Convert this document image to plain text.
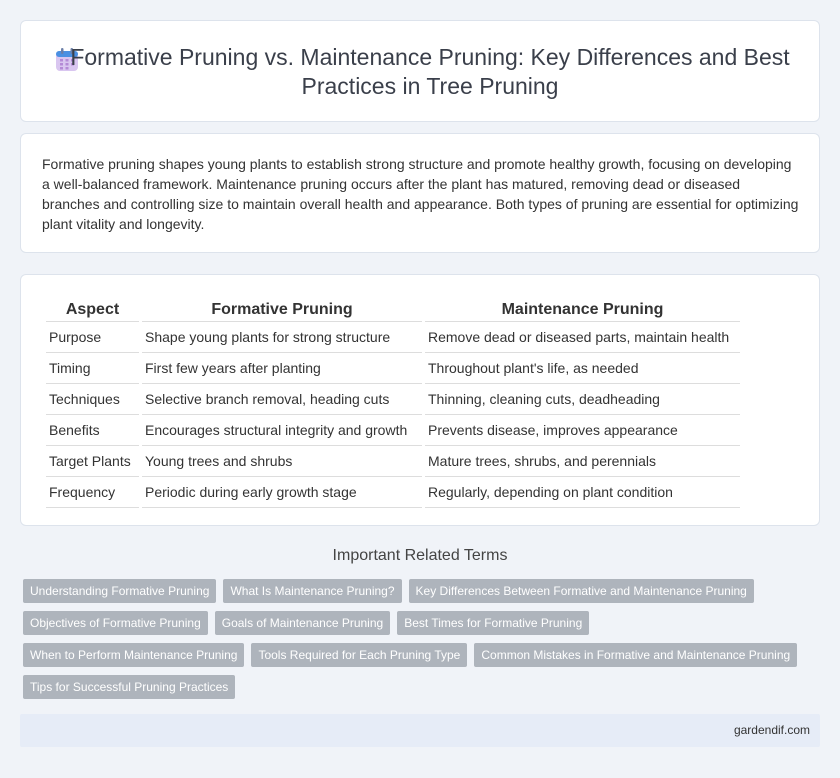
Formative Pruning vs. Maintenance Pruning: Key Differences and Best Practices in Tree Pruning

Formative pruning shapes young plants to establish strong structure and promote healthy growth, focusing on developing a well-balanced framework. Maintenance pruning occurs after the plant has matured, removing dead or diseased branches and controlling size to maintain overall health and appearance. Both types of pruning are essential for optimizing plant vitality and longevity.

Aspect	Formative Pruning	Maintenance Pruning
Purpose	Shape young plants for strong structure	Remove dead or diseased parts, maintain health
Timing	First few years after planting	Throughout plant's life, as needed
Techniques	Selective branch removal, heading cuts	Thinning, cleaning cuts, deadheading
Benefits	Encourages structural integrity and growth	Prevents disease, improves appearance
Target Plants	Young trees and shrubs	Mature trees, shrubs, and perennials
Frequency	Periodic during early growth stage	Regularly, depending on plant condition
Important Related Terms
Understanding Formative Pruning	What Is Maintenance Pruning?	Key Differences Between Formative and Maintenance Pruning
Objectives of Formative Pruning	Goals of Maintenance Pruning	Best Times for Formative Pruning
When to Perform Maintenance Pruning	Tools Required for Each Pruning Type	Common Mistakes in Formative and Maintenance Pruning
Tips for Successful Pruning Practices
gardendif.com
